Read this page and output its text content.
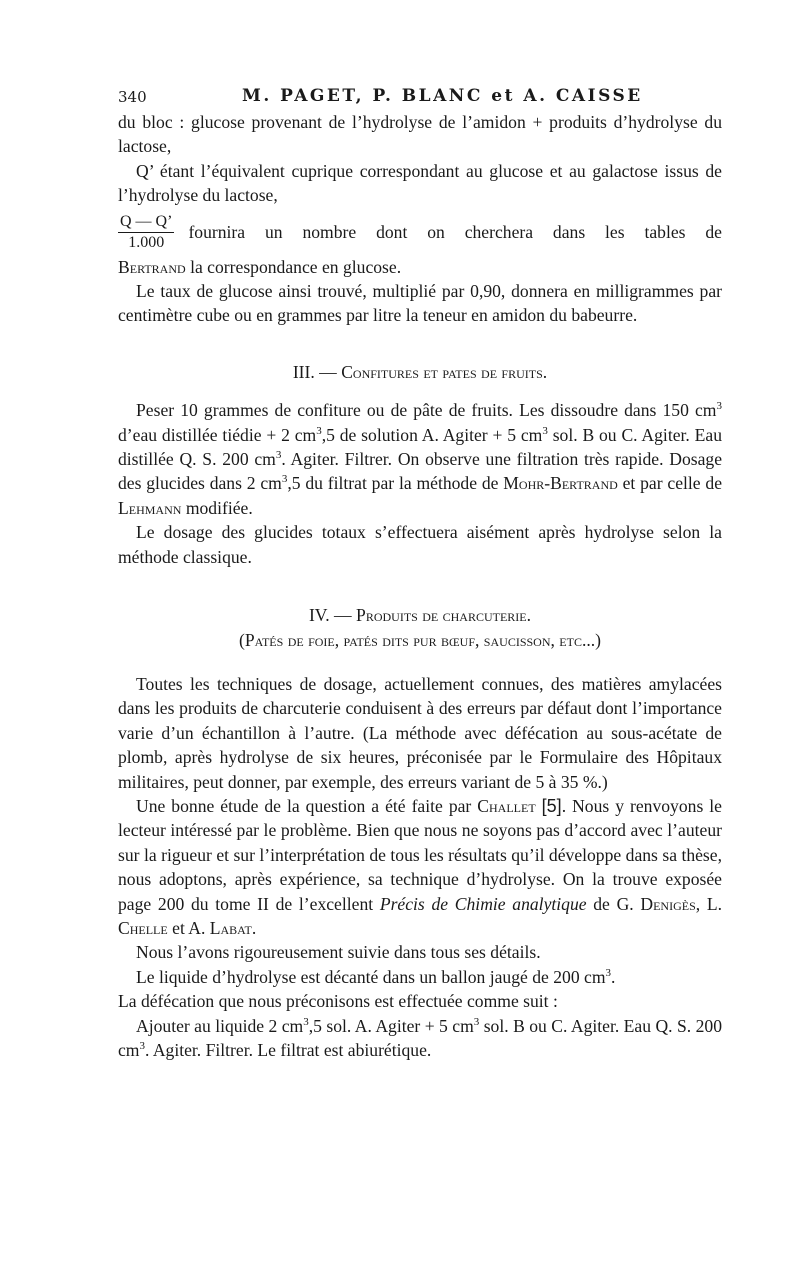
340	M. PAGET, P. BLANC et A. CAISSE

du bloc : glucose provenant de l’hydrolyse de l’amidon + produits d’hydrolyse du lactose,

Q’ étant l’équivalent cuprique correspondant au glucose et au galactose issus de l’hydrolyse du lactose,

$\frac{Q — Q’}{1.000}$ fournira un nombre dont on cherchera dans les tables de

Bertrand la correspondance en glucose.

Le taux de glucose ainsi trouvé, multiplié par 0,90, donnera en milligrammes par centimètre cube ou en grammes par litre la teneur en amidon du babeurre.

III. — Confitures et pates de fruits.

Peser 10 grammes de confiture ou de pâte de fruits. Les dissoudre dans 150 $cm^3$ d’eau distillée tiédie + 2 $cm^3,5$ de solution A. Agiter + 5 $cm^3$ sol. B ou C. Agiter. Eau distillée Q. S. 200 $cm^3$. Agiter. Filtrer. On observe une filtration très rapide. Dosage des glucides dans 2 $cm^3,5$ du filtrat par la méthode de Mohr-Bertrand et par celle de Lehmann modifiée.

Le dosage des glucides totaux s’effectuera aisément après hydrolyse selon la méthode classique.

IV. — Produits de charcuterie.

(Patés de foie, patés dits pur bœuf, saucisson, etc...)

Toutes les techniques de dosage, actuellement connues, des matières amylacées dans les produits de charcuterie conduisent à des erreurs par défaut dont l’importance varie d’un échantillon à l’autre. (La méthode avec défécation au sous-acétate de plomb, après hydrolyse de six heures, préconisée par le Formulaire des Hôpitaux militaires, peut donner, par exemple, des erreurs variant de 5 à 35 %.)

Une bonne étude de la question a été faite par Challet [5]. Nous y renvoyons le lecteur intéressé par le problème. Bien que nous ne soyons pas d’accord avec l’auteur sur la rigueur et sur l’interprétation de tous les résultats qu’il développe dans sa thèse, nous adoptons, après expérience, sa technique d’hydrolyse. On la trouve exposée page 200 du tome II de l’excellent Précis de Chimie analytique de G. Denigès, L. Chelle et A. Labat.

Nous l’avons rigoureusement suivie dans tous ses détails.

Le liquide d’hydrolyse est décanté dans un ballon jaugé de 200 $cm^3$.

La défécation que nous préconisons est effectuée comme suit :

Ajouter au liquide 2 $cm^3,5$ sol. A. Agiter + 5 $cm^3$ sol. B ou C. Agiter. Eau Q. S. 200 $cm^3$. Agiter. Filtrer. Le filtrat est abiurétique.
